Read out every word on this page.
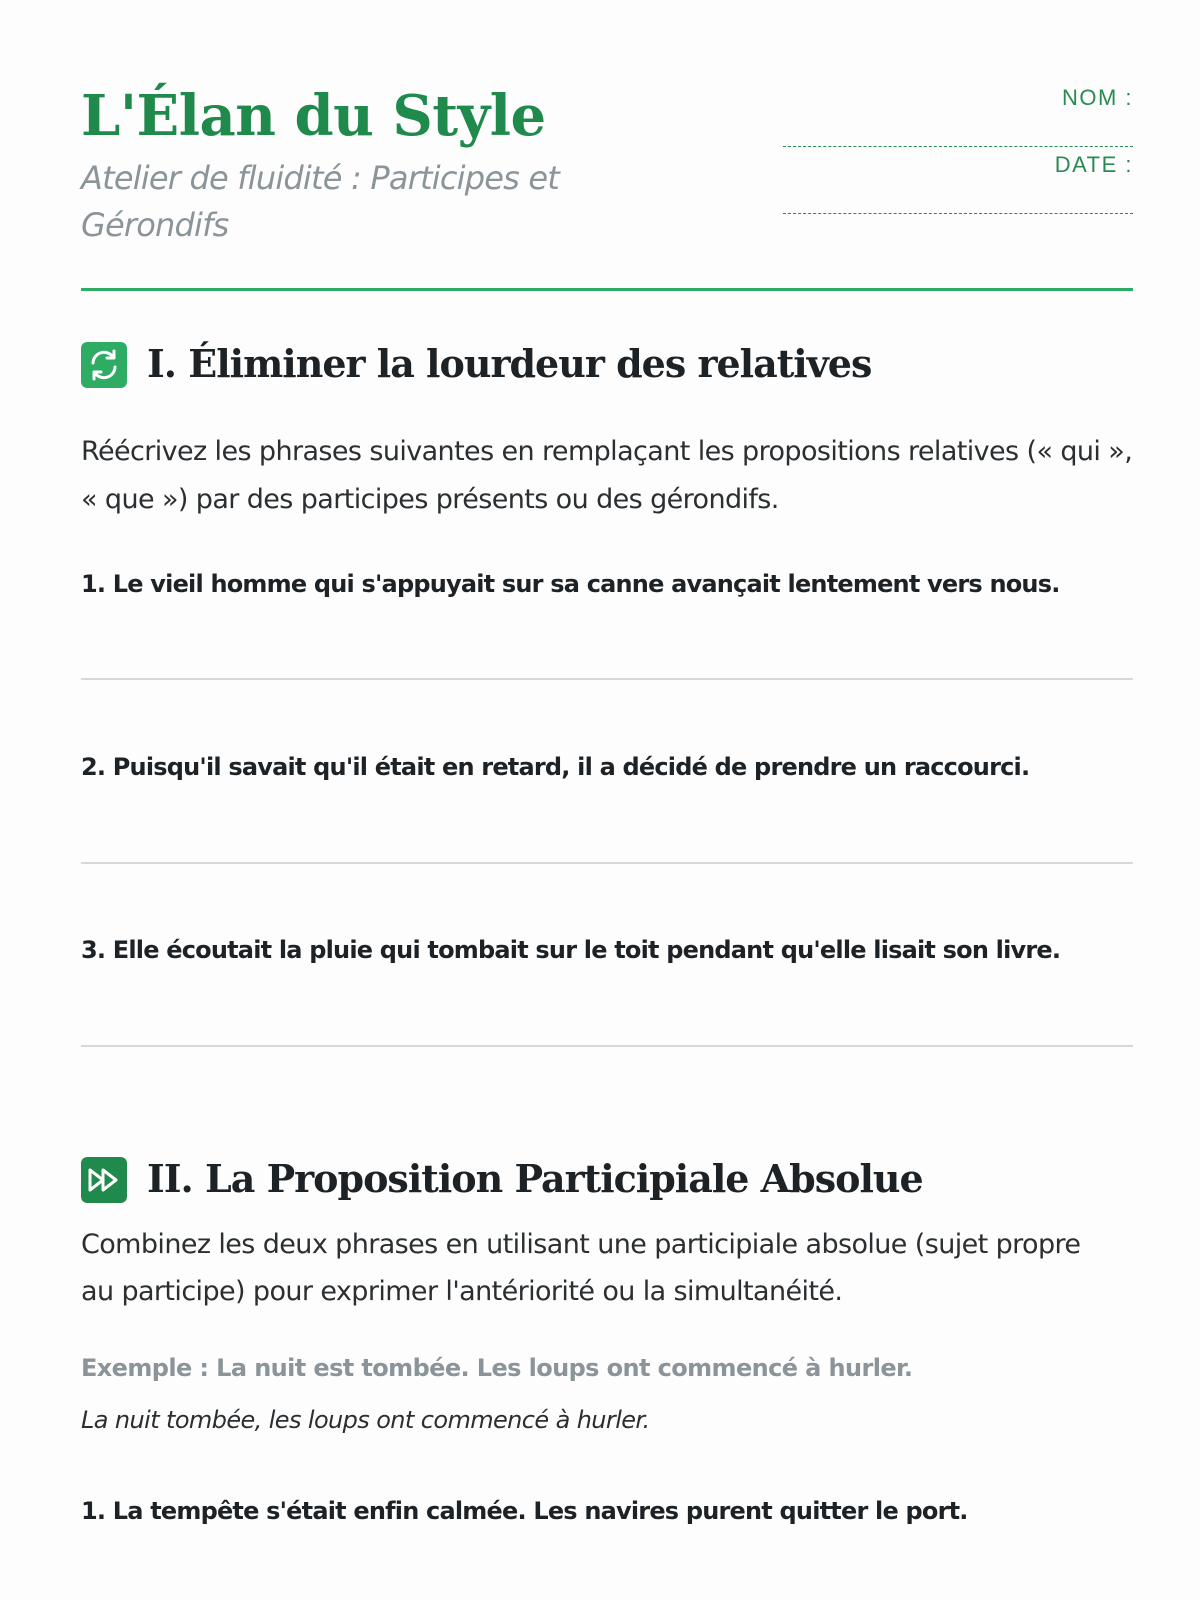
L'Élan du Style

Atelier de fluidité : Participes et Gérondifs

NOM :
DATE :
I. Éliminer la lourdeur des relatives

Réécrivez les phrases suivantes en remplaçant les propositions relatives (« qui », « que ») par des participes présents ou des gérondifs.

1. Le vieil homme qui s'appuyait sur sa canne avançait lentement vers nous.

2. Puisqu'il savait qu'il était en retard, il a décidé de prendre un raccourci.

3. Elle écoutait la pluie qui tombait sur le toit pendant qu'elle lisait son livre.

II. La Proposition Participiale Absolue

Combinez les deux phrases en utilisant une participiale absolue (sujet propre au participe) pour exprimer l'antériorité ou la simultanéité.

Exemple : La nuit est tombée. Les loups ont commencé à hurler.

La nuit tombée, les loups ont commencé à hurler.

1. La tempête s'était enfin calmée. Les navires purent quitter le port.
